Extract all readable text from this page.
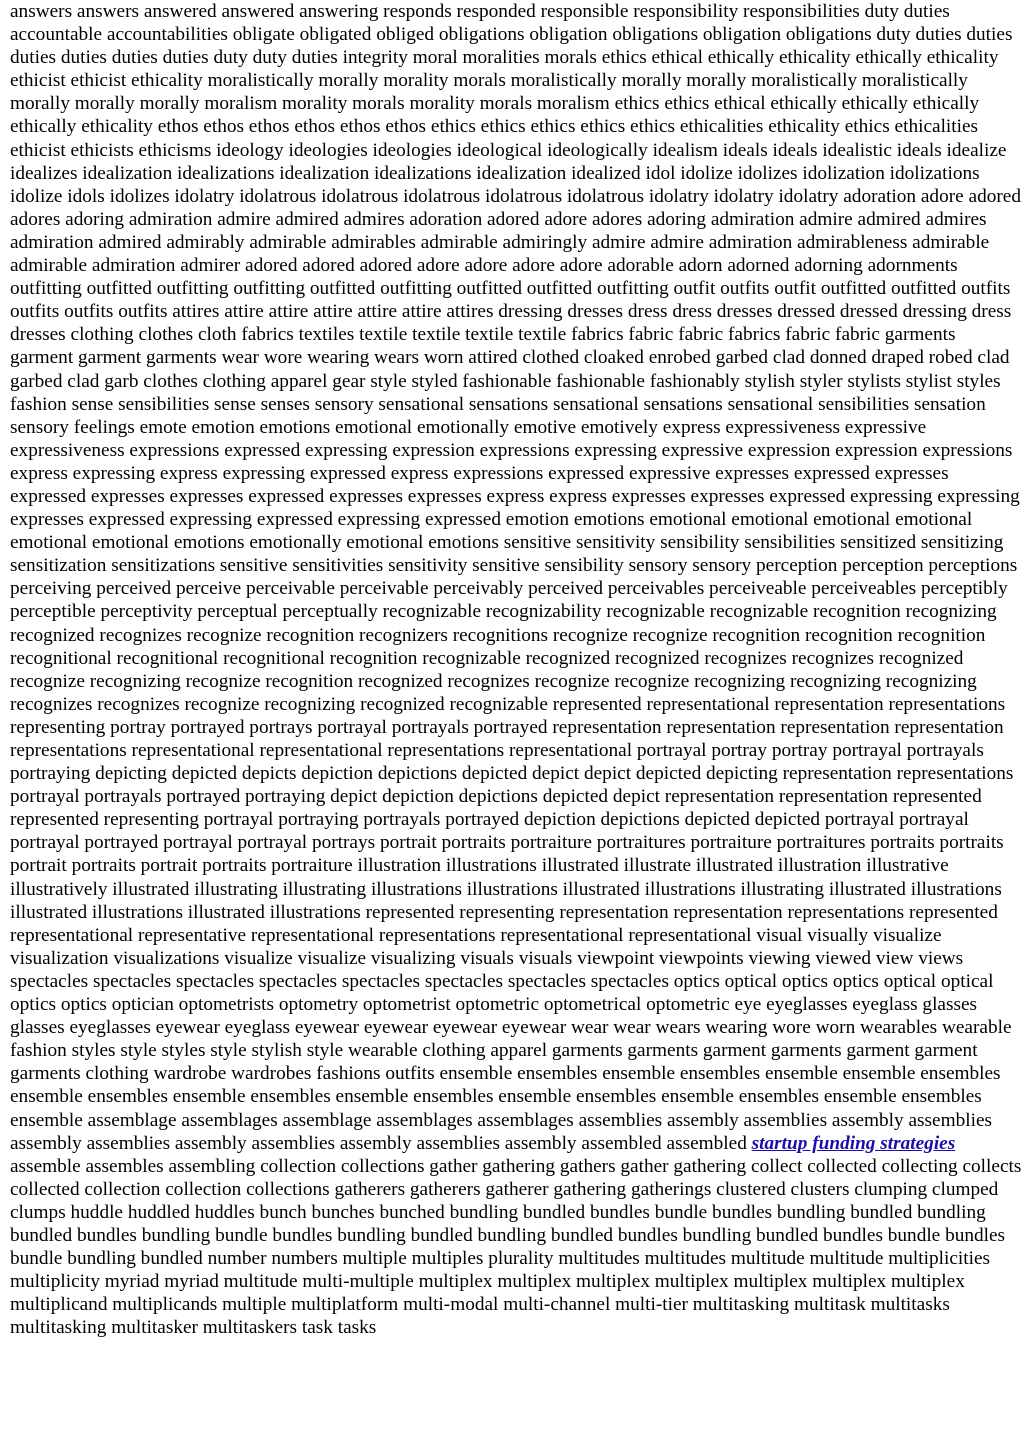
answers answers answered answered answering responds responded responsible responsibility responsibilities duty duties accountable accountabilities obligate obligated obliged obligations obligation obligations obligation obligations duty duties duties duties duties duties duties duty duty duties integrity moral moralities morals ethics ethical ethically ethicality ethically ethicality ethicist ethicist ethicality moralistically morally morality morals moralistically morally morally moralistically moralistically morally morally morally moralism morality morals morality morals moralism ethics ethics ethical ethically ethically ethically ethically ethicality ethos ethos ethos ethos ethos ethos ethics ethics ethics ethics ethics ethicalities ethicality ethics ethicalities ethicist ethicists ethicisms ideology ideologies ideologies ideological ideologically idealism ideals ideals idealistic ideals idealize idealizes idealization idealizations idealization idealizations idealization idealized idol idolize idolizes idolization idolizations idolize idols idolizes idolatry idolatrous idolatrous idolatrous idolatrous idolatrous idolatry idolatry idolatry adoration adore adored adores adoring admiration admire admired admires adoration adored adore adores adoring admiration admire admired admires admiration admired admirably admirable admirables admirable admiringly admire admire admiration admirableness admirable admirable admiration admirer adored adored adored adore adore adore adore adorable adorn adorned adorning adornments outfitting outfitted outfitting outfitting outfitted outfitting outfitted outfitted outfitting outfit outfits outfit outfitted outfitted outfits outfits outfits outfits attires attire attire attire attire attire attires dressing dresses dress dress dresses dressed dressed dressing dress dresses clothing clothes cloth fabrics textiles textile textile textile textile fabrics fabric fabric fabrics fabric fabric garments garment garment garments wear wore wearing wears worn attired clothed cloaked enrobed garbed clad donned draped robed clad garbed clad garb clothes clothing apparel gear style styled fashionable fashionable fashionably stylish styler stylists stylist styles fashion sense sensibilities sense senses sensory sensational sensations sensational sensations sensational sensibilities sensation sensory feelings emote emotion emotions emotional emotionally emotive emotively express expressiveness expressive expressiveness expressions expressed expressing expression expressions expressing expressive expression expression expressions express expressing express expressing expressed express expressions expressed expressive expresses expressed expresses expressed expresses expresses expressed expresses expresses express express expresses expresses expressed expressing expressing expresses expressed expressing expressed expressing expressed emotion emotions emotional emotional emotional emotional emotional emotional emotions emotionally emotional emotions sensitive sensitivity sensibility sensibilities sensitized sensitizing sensitization sensitizations sensitive sensitivities sensitivity sensitive sensibility sensory sensory perception perception perceptions perceiving perceived perceive perceivable perceivable perceivably perceived perceivables perceiveable perceiveables perceptibly perceptible perceptivity perceptual perceptually recognizable recognizability recognizable recognizable recognition recognizing recognized recognizes recognize recognition recognizers recognitions recognize recognize recognition recognition recognition recognitional recognitional recognitional recognition recognizable recognized recognized recognizes recognizes recognized recognize recognizing recognize recognition recognized recognizes recognize recognize recognizing recognizing recognizing recognizes recognizes recognize recognizing recognized recognizable represented representational representation representations representing portray portrayed portrays portrayal portrayals portrayed representation representation representation representation representations representational representational representations representational portrayal portray portray portrayal portrayals portraying depicting depicted depicts depiction depictions depicted depict depict depicted depicting representation representations portrayal portrayals portrayed portraying depict depiction depictions depicted depict representation representation represented represented representing portrayal portraying portrayals portrayed depiction depictions depicted depicted portrayal portrayal portrayal portrayed portrayal portrayal portrays portrait portraits portraiture portraitures portraiture portraitures portraits portraits portrait portraits portrait portraits portraiture illustration illustrations illustrated illustrate illustrated illustration illustrative illustratively illustrated illustrating illustrating illustrations illustrations illustrated illustrations illustrating illustrated illustrations illustrated illustrations illustrated illustrations represented representing representation representation representations represented representational representative representational representations representational representational visual visually visualize visualization visualizations visualize visualize visualizing visuals visuals viewpoint viewpoints viewing viewed view views spectacles spectacles spectacles spectacles spectacles spectacles spectacles spectacles optics optical optics optics optical optical optics optics optician optometrists optometry optometrist optometric optometrical optometric eye eyeglasses eyeglass glasses glasses eyeglasses eyewear eyeglass eyewear eyewear eyewear eyewear wear wear wears wearing wore worn wearables wearable fashion styles style styles style stylish style wearable clothing apparel garments garments garment garments garment garment garments clothing wardrobe wardrobes fashions outfits ensemble ensembles ensemble ensembles ensemble ensemble ensembles ensemble ensembles ensemble ensembles ensemble ensembles ensemble ensembles ensemble ensembles ensemble ensembles ensemble assemblage assemblages assemblage assemblages assemblages assemblies assembly assemblies assembly assemblies assembly assemblies assembly assemblies assembly assemblies assembly assembled assembled startup funding strategies assemble assembles assembling collection collections gather gathering gathers gather gathering collect collected collecting collects collected collection collection collections gatherers gatherers gatherer gathering gatherings clustered clusters clumping clumped clumps huddle huddled huddles bunch bunches bunched bundling bundled bundles bundle bundles bundling bundled bundling bundled bundles bundling bundle bundles bundling bundled bundling bundled bundles bundling bundled bundles bundle bundles bundle bundling bundled number numbers multiple multiples plurality multitudes multitudes multitude multitude multiplicities multiplicity myriad myriad multitude multi-multiple multiplex multiplex multiplex multiplex multiplex multiplex multiplex multiplicand multiplicands multiple multiplatform multi-modal multi-channel multi-tier multitasking multitask multitasks multitasking multitasker multitaskers task tasks
